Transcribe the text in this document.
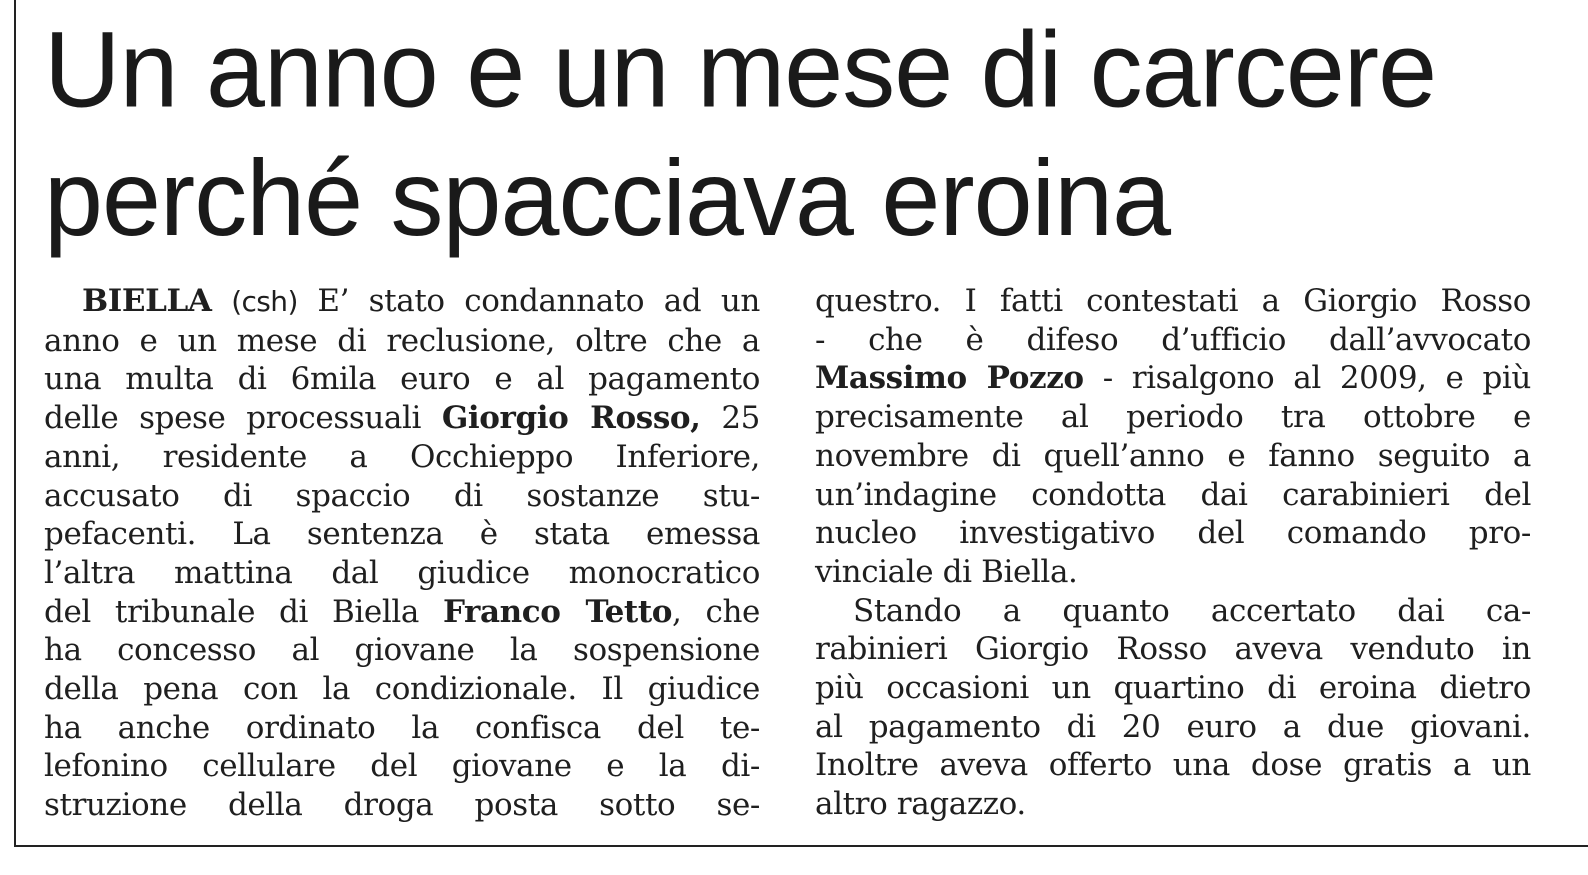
Un anno e un mese di carcere
perché spacciava eroina
BIELLA (csh) E’ stato condannato ad un
anno e un mese di reclusione, oltre che a
una multa di 6mila euro e al pagamento
delle spese processuali Giorgio Rosso, 25
anni, residente a Occhieppo Inferiore,
accusato di spaccio di sostanze stu-
pefacenti. La sentenza è stata emessa
l’altra mattina dal giudice monocratico
del tribunale di Biella Franco Tetto, che
ha concesso al giovane la sospensione
della pena con la condizionale. Il giudice
ha anche ordinato la confisca del te-
lefonino cellulare del giovane e la di-
struzione della droga posta sotto se-
questro. I fatti contestati a Giorgio Rosso
- che è difeso d’ufficio dall’avvocato
Massimo Pozzo - risalgono al 2009, e più
precisamente al periodo tra ottobre e
novembre di quell’anno e fanno seguito a
un’indagine condotta dai carabinieri del
nucleo investigativo del comando pro-
vinciale di Biella.
Stando a quanto accertato dai ca-
rabinieri Giorgio Rosso aveva venduto in
più occasioni un quartino di eroina dietro
al pagamento di 20 euro a due giovani.
Inoltre aveva offerto una dose gratis a un
altro ragazzo.
